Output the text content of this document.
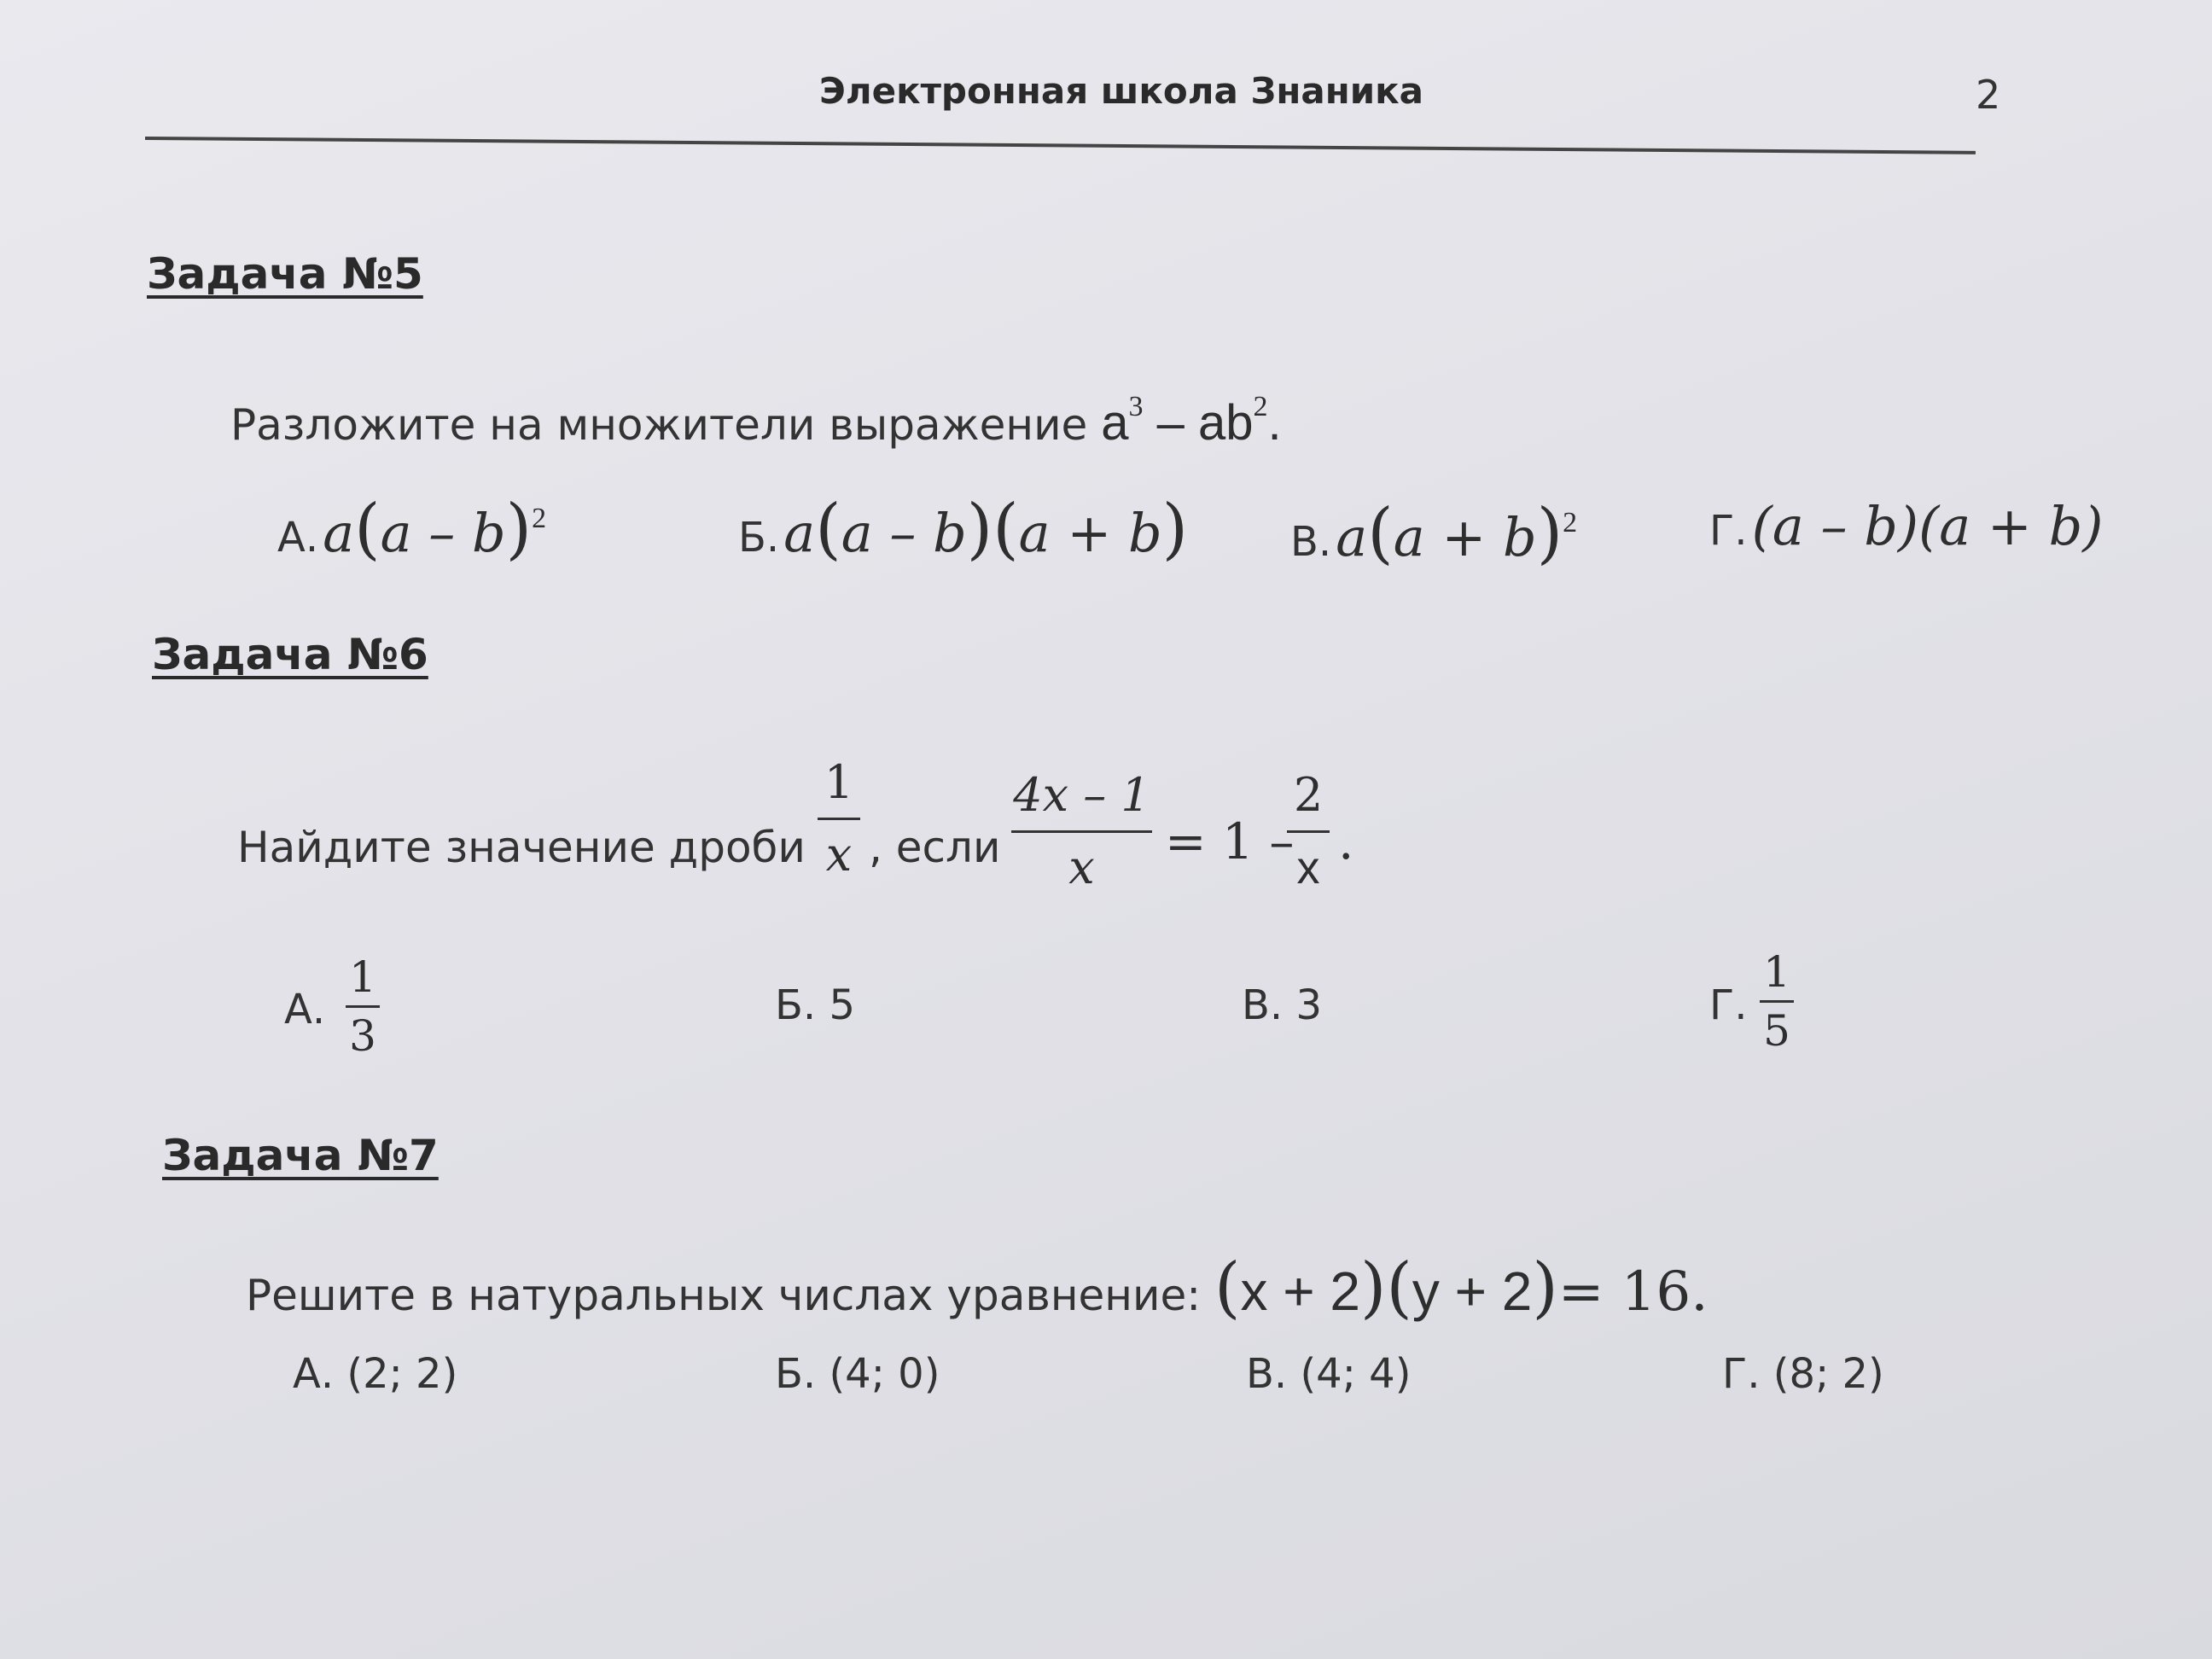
Электронная школа Знаника	2
Задача №5
Разложите на множители выражение $a^3 - ab^2$.
А. a(a – b)$^2$	Б. a(a – b)(a + b) В. $a(a + b)^2$	Г. (a – b)(a + b)
Задача №6
Найдите значение дроби
1
x , если
4x – 1
x	= 1 –
2
x .
А.
1
3
Б. 5	В. 3	Г.
1
5
Задача №7
Решите в натуральных числах уравнение: (x + 2)(y + 2)= 16.
А. (2; 2)	Б. (4; 0)	В. (4; 4)	Г. (8; 2)
